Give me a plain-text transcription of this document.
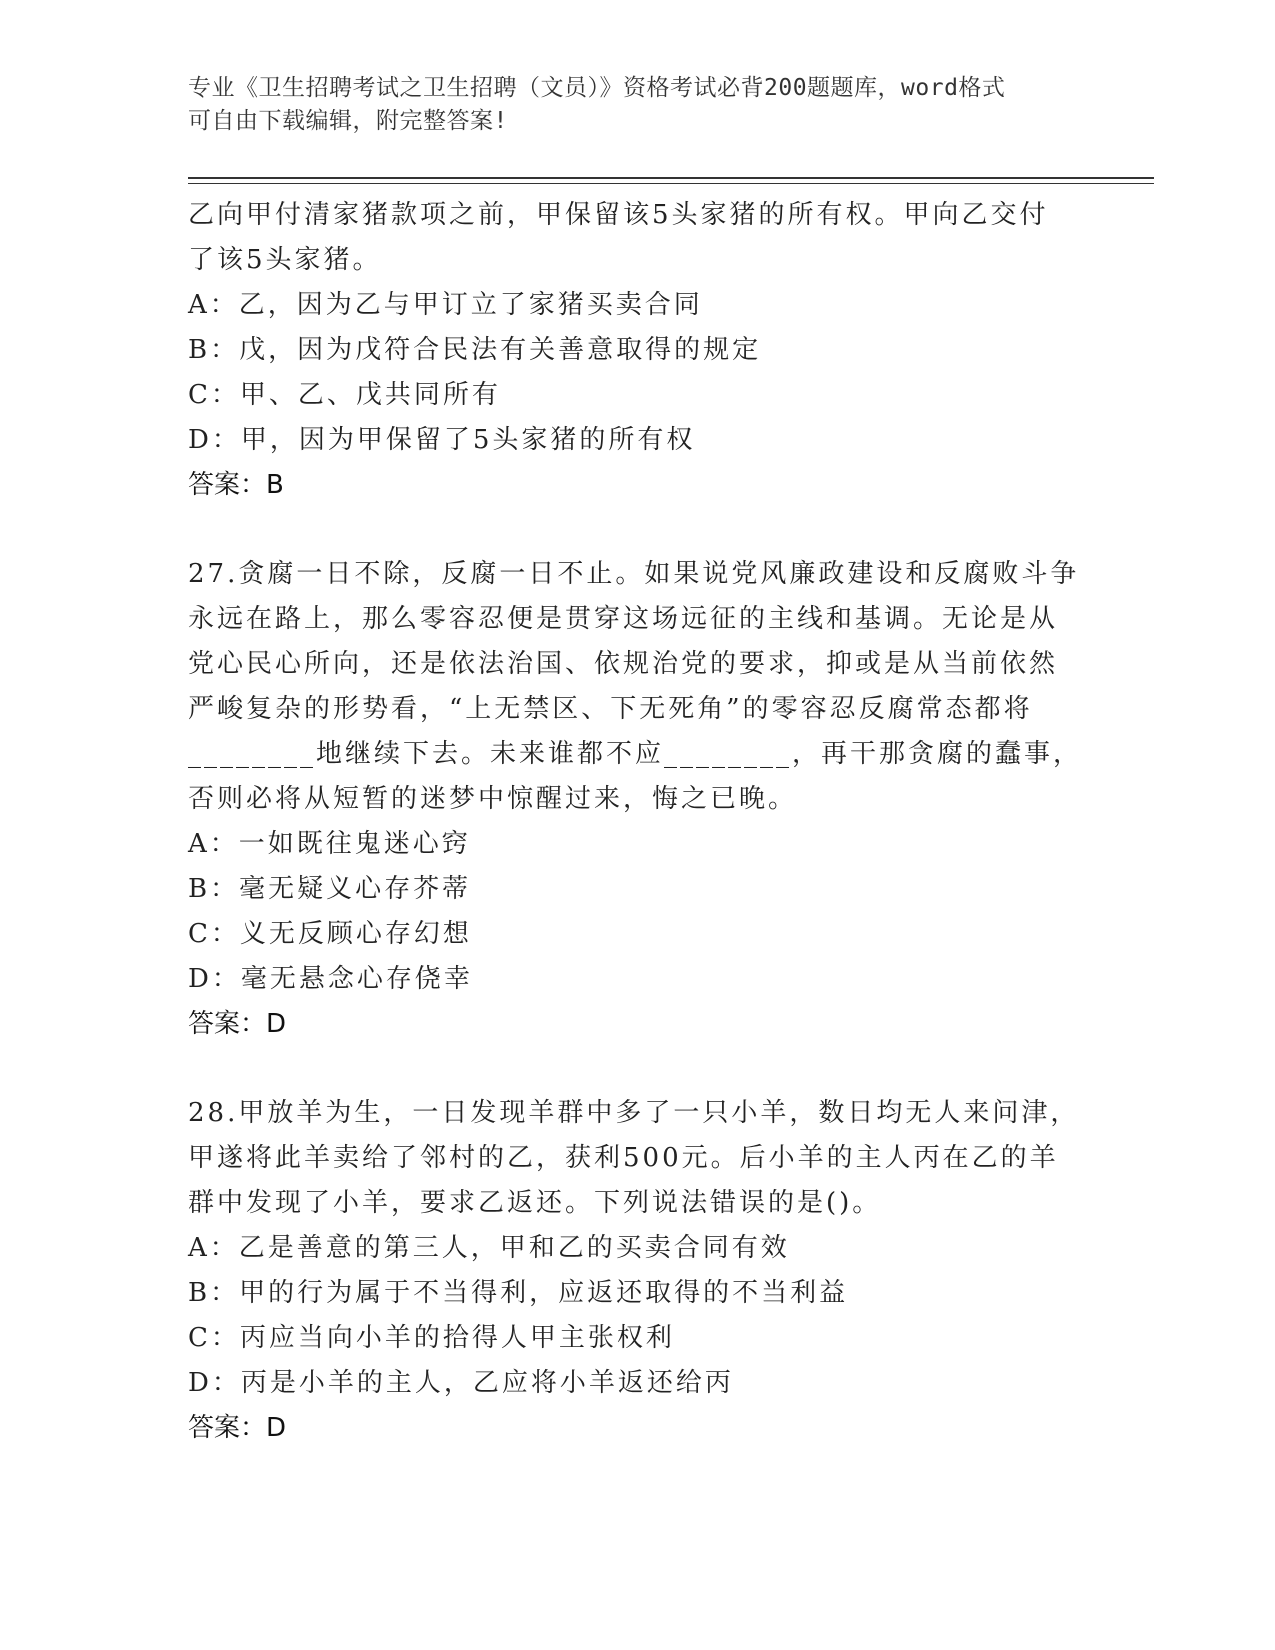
专业《卫生招聘考试之卫生招聘（文员）》资格考试必背200题题库，word格式
可自由下载编辑，附完整答案!

乙向甲付清家猪款项之前，甲保留该5头家猪的所有权。甲向乙交付

了该5头家猪。

A：乙，因为乙与甲订立了家猪买卖合同

B：戊，因为戊符合民法有关善意取得的规定

C：甲、乙、戊共同所有

D：甲，因为甲保留了5头家猪的所有权

答案：B

27.贪腐一日不除，反腐一日不止。如果说党风廉政建设和反腐败斗争

永远在路上，那么零容忍便是贯穿这场远征的主线和基调。无论是从

党心民心所向，还是依法治国、依规治党的要求，抑或是从当前依然

严峻复杂的形势看，“上无禁区、下无死角”的零容忍反腐常态都将

________地继续下去。未来谁都不应________，再干那贪腐的蠢事，

否则必将从短暂的迷梦中惊醒过来，悔之已晚。

A：一如既往鬼迷心窍

B：毫无疑义心存芥蒂

C：义无反顾心存幻想

D：毫无悬念心存侥幸

答案：D

28.甲放羊为生，一日发现羊群中多了一只小羊，数日均无人来问津，

甲遂将此羊卖给了邻村的乙，获利500元。后小羊的主人丙在乙的羊

群中发现了小羊，要求乙返还。下列说法错误的是()。

A：乙是善意的第三人，甲和乙的买卖合同有效

B：甲的行为属于不当得利，应返还取得的不当利益

C：丙应当向小羊的拾得人甲主张权利

D：丙是小羊的主人，乙应将小羊返还给丙

答案：D
